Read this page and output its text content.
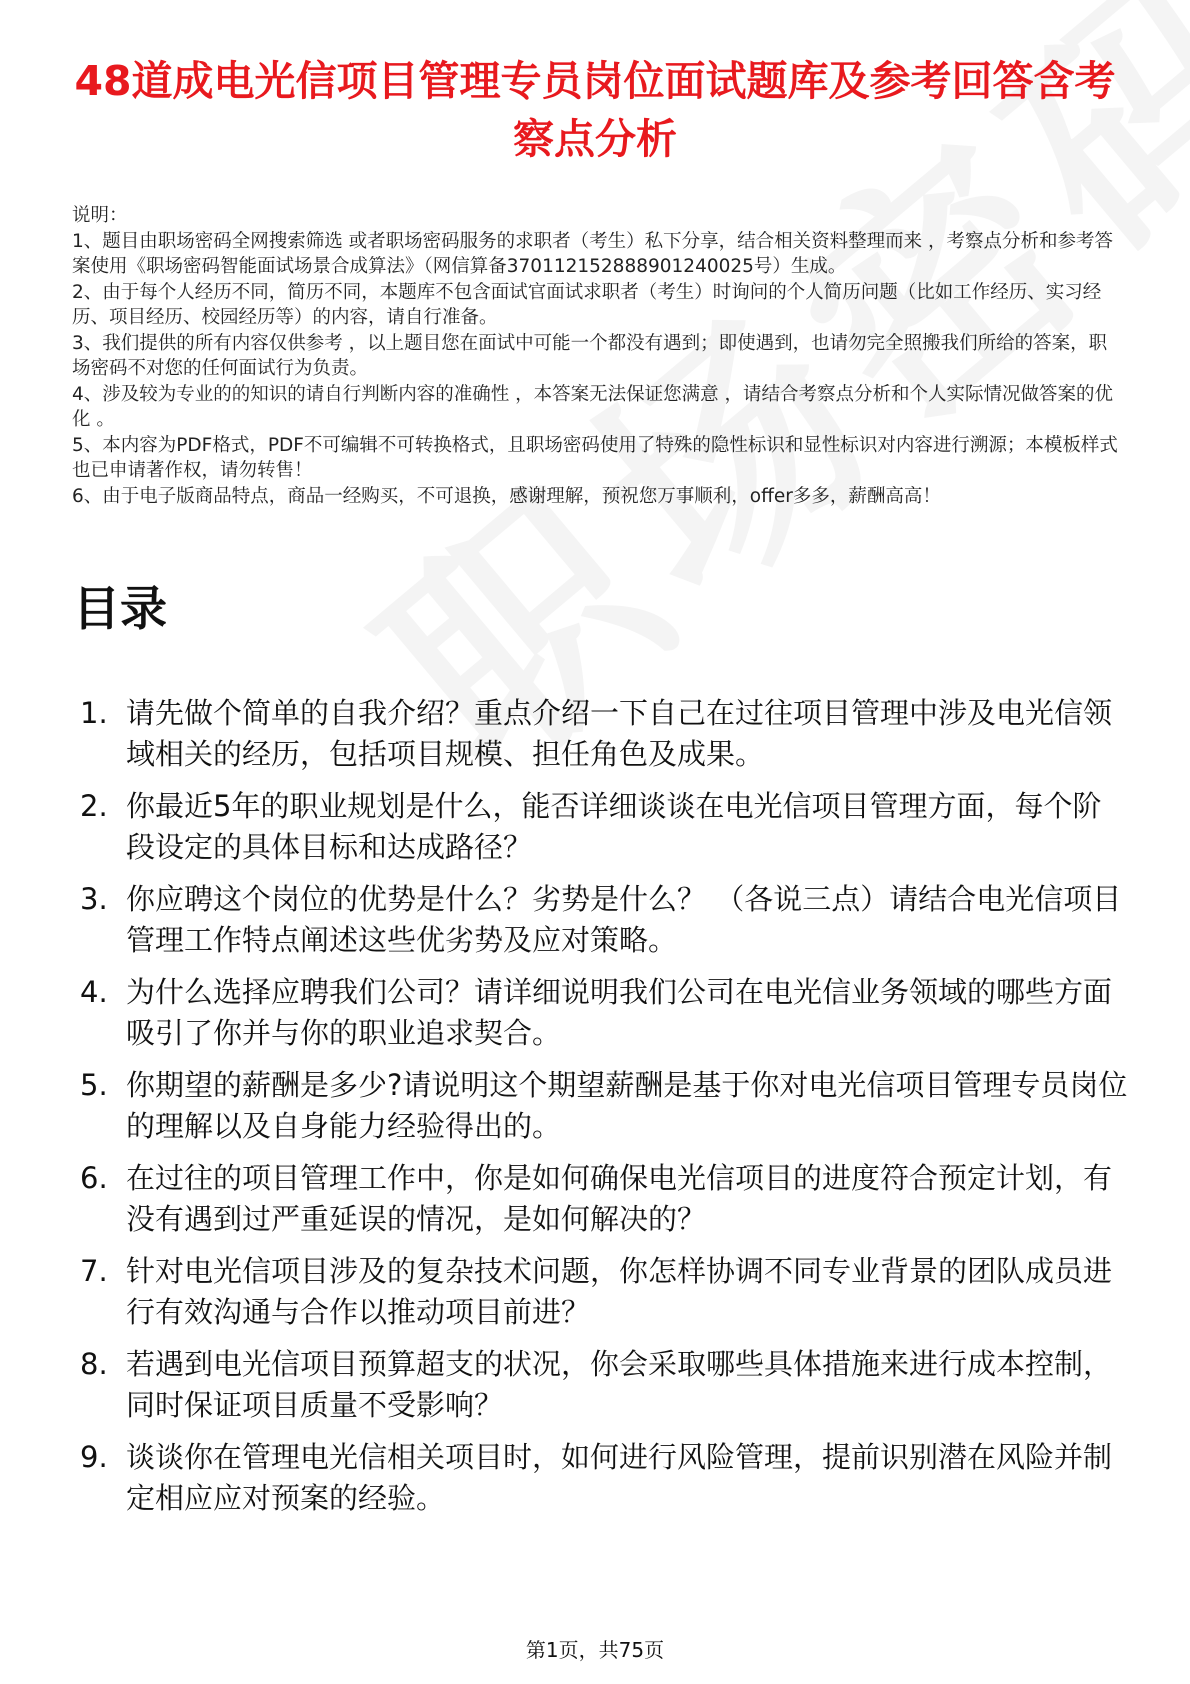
48道成电光信项目管理专员岗位面试题库及参考回答含考察点分析

说明：

1、题目由职场密码全网搜索筛选 或者职场密码服务的求职者（考生）私下分享，结合相关资料整理而来 ，考察点分析和参考答案使用《职场密码智能面试场景合成算法》（网信算备370112152888901240025号）生成。

2、由于每个人经历不同，简历不同，本题库不包含面试官面试求职者（考生）时询问的个人简历问题（比如工作经历、实习经历、项目经历、校园经历等）的内容，请自行准备。

3、我们提供的所有内容仅供参考 ，以上题目您在面试中可能一个都没有遇到；即使遇到，也请勿完全照搬我们所给的答案，职场密码不对您的任何面试行为负责。

4、涉及较为专业的的知识的请自行判断内容的准确性 ，本答案无法保证您满意 ，请结合考察点分析和个人实际情况做答案的优化 。

5、本内容为PDF格式，PDF不可编辑不可转换格式，且职场密码使用了特殊的隐性标识和显性标识对内容进行溯源；本模板样式也已申请著作权，请勿转售！

6、由于电子版商品特点，商品一经购买，不可退换，感谢理解，预祝您万事顺利，offer多多，薪酬高高！

目录
1. 请先做个简单的自我介绍？重点介绍一下自己在过往项目管理中涉及电光信领域相关的经历，包括项目规模、担任角色及成果。
2. 你最近5年的职业规划是什么，能否详细谈谈在电光信项目管理方面，每个阶段设定的具体目标和达成路径？
3. 你应聘这个岗位的优势是什么？劣势是什么？ （各说三点）请结合电光信项目管理工作特点阐述这些优劣势及应对策略。
4. 为什么选择应聘我们公司？请详细说明我们公司在电光信业务领域的哪些方面吸引了你并与你的职业追求契合。
5. 你期望的薪酬是多少?请说明这个期望薪酬是基于你对电光信项目管理专员岗位的理解以及自身能力经验得出的。
6. 在过往的项目管理工作中，你是如何确保电光信项目的进度符合预定计划，有没有遇到过严重延误的情况，是如何解决的？
7. 针对电光信项目涉及的复杂技术问题，你怎样协调不同专业背景的团队成员进行有效沟通与合作以推动项目前进？
8. 若遇到电光信项目预算超支的状况，你会采取哪些具体措施来进行成本控制，同时保证项目质量不受影响？
9. 谈谈你在管理电光信相关项目时，如何进行风险管理，提前识别潜在风险并制定相应应对预案的经验。
第1页，共75页
